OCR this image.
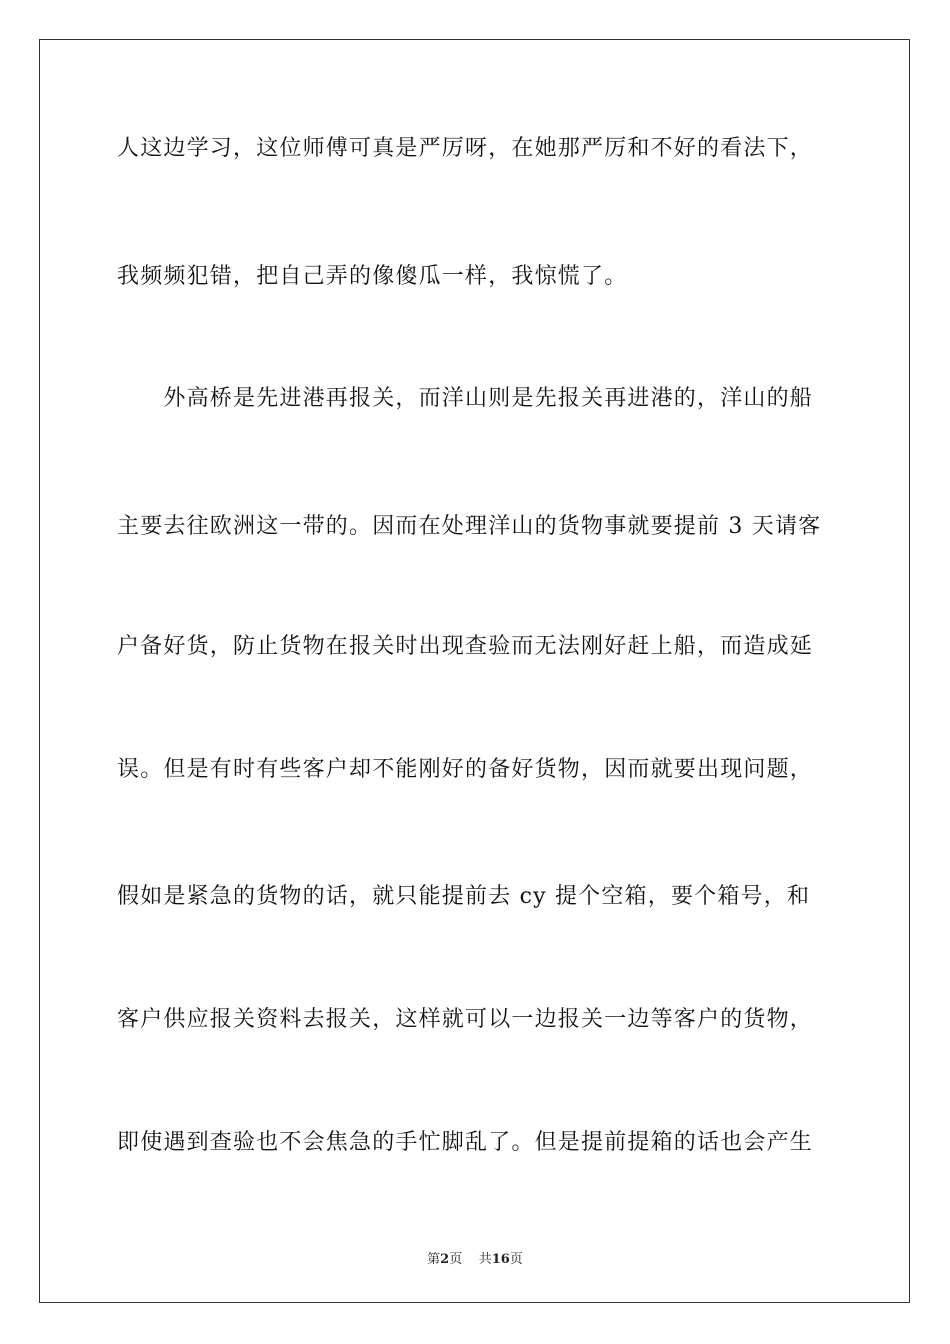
人这边学习，这位师傅可真是严厉呀，在她那严厉和不好的看法下，
我频频犯错，把自己弄的像傻瓜一样，我惊慌了。
　　外高桥是先进港再报关，而洋山则是先报关再进港的，洋山的船
主要去往欧洲这一带的。因而在处理洋山的货物事就要提前 3 天请客
户备好货，防止货物在报关时出现查验而无法刚好赶上船，而造成延
误。但是有时有些客户却不能刚好的备好货物，因而就要出现问题，
假如是紧急的货物的话，就只能提前去 cy 提个空箱，要个箱号，和
客户供应报关资料去报关，这样就可以一边报关一边等客户的货物，
即使遇到查验也不会焦急的手忙脚乱了。但是提前提箱的话也会产生
第2页 共16页
